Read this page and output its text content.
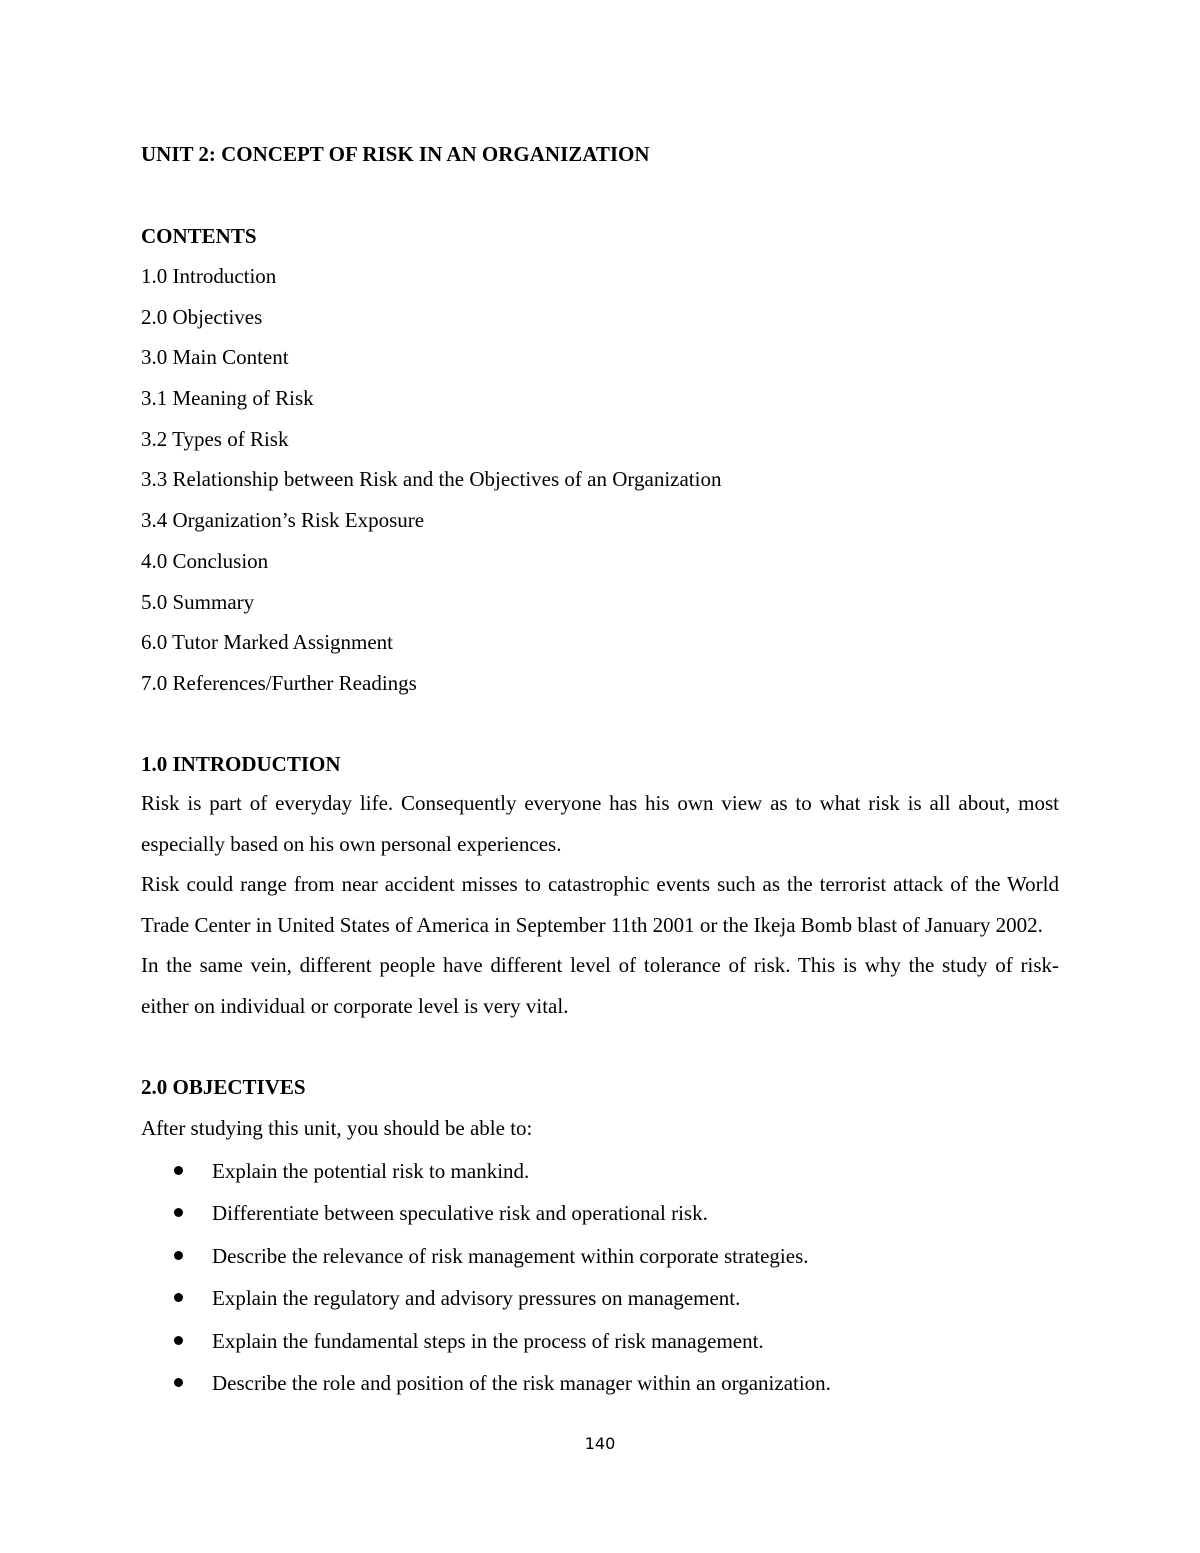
UNIT 2: CONCEPT OF RISK IN AN ORGANIZATION
CONTENTS
1.0 Introduction
2.0 Objectives
3.0 Main Content
3.1 Meaning of Risk
3.2 Types of Risk
3.3 Relationship between Risk and the Objectives of an Organization
3.4 Organization’s Risk Exposure
4.0 Conclusion
5.0 Summary
6.0 Tutor Marked Assignment
7.0 References/Further Readings
1.0 INTRODUCTION

Risk is part of everyday life. Consequently everyone has his own view as to what risk is all about, most especially based on his own personal experiences.

Risk could range from near accident misses to catastrophic events such as the terrorist attack of the World Trade Center in United States of America in September 11th 2001 or the Ikeja Bomb blast of January 2002.

In the same vein, different people have different level of tolerance of risk. This is why the study of risk-either on individual or corporate level is very vital.

2.0 OBJECTIVES
After studying this unit, you should be able to:
Explain the potential risk to mankind.
Differentiate between speculative risk and operational risk.
Describe the relevance of risk management within corporate strategies.
Explain the regulatory and advisory pressures on management.
Explain the fundamental steps in the process of risk management.
Describe the role and position of the risk manager within an organization.
140
